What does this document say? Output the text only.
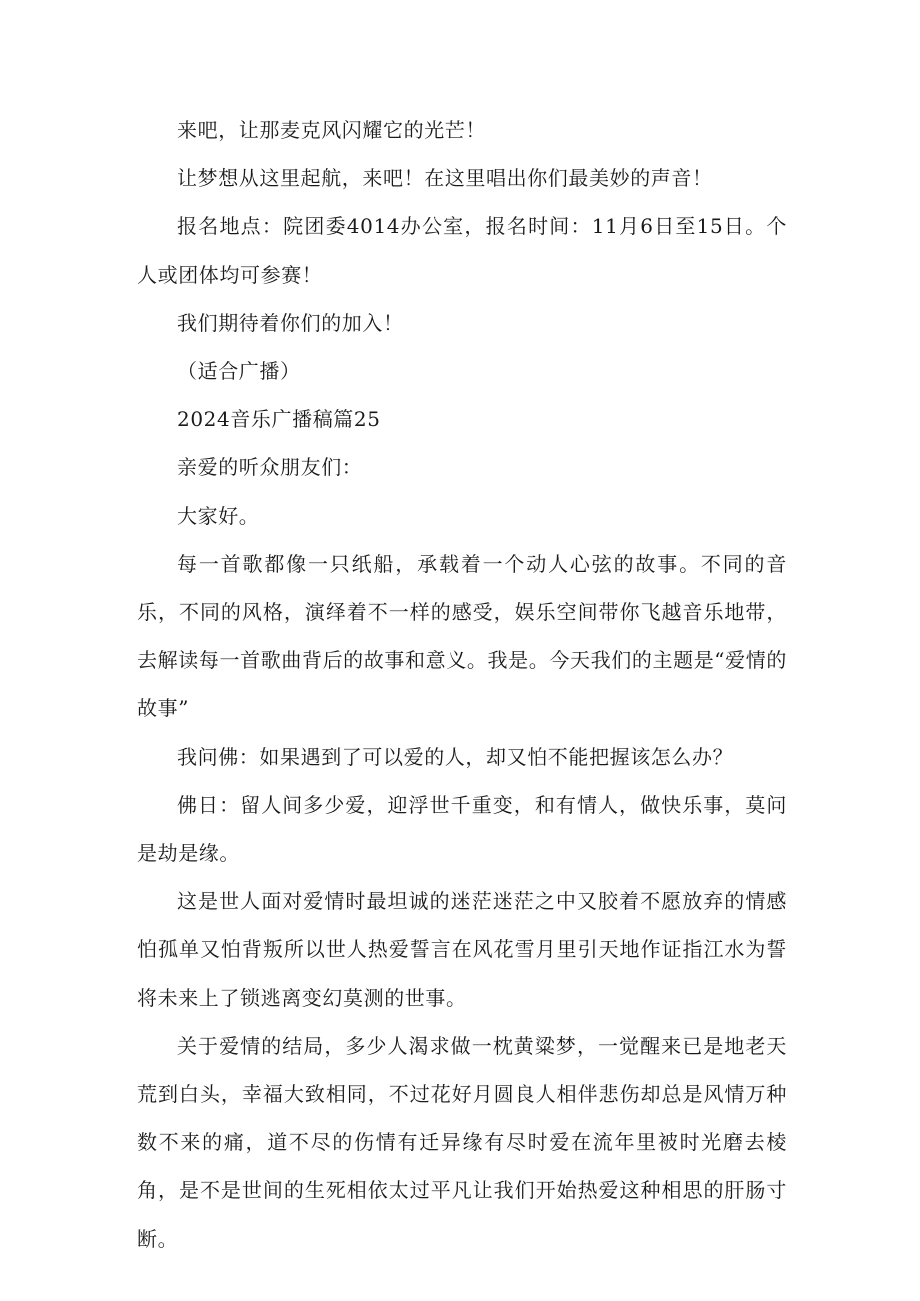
来吧，让那麦克风闪耀它的光芒！

让梦想从这里起航，来吧！在这里唱出你们最美妙的声音！

报名地点：院团委4014办公室，报名时间：11月6日至15日。个人或团体均可参赛！

我们期待着你们的加入！

（适合广播）

2024音乐广播稿篇25

亲爱的听众朋友们：

大家好。

每一首歌都像一只纸船，承载着一个动人心弦的故事。不同的音乐，不同的风格，演绎着不一样的感受，娱乐空间带你飞越音乐地带，去解读每一首歌曲背后的故事和意义。我是。今天我们的主题是“爱情的故事”

我问佛：如果遇到了可以爱的人，却又怕不能把握该怎么办？

佛日：留人间多少爱，迎浮世千重变，和有情人，做快乐事，莫问是劫是缘。

这是世人面对爱情时最坦诚的迷茫迷茫之中又胶着不愿放弃的情感怕孤单又怕背叛所以世人热爱誓言在风花雪月里引天地作证指江水为誓将未来上了锁逃离变幻莫测的世事。

关于爱情的结局，多少人渴求做一枕黄粱梦，一觉醒来已是地老天荒到白头，幸福大致相同，不过花好月圆良人相伴悲伤却总是风情万种数不来的痛，道不尽的伤情有迁异缘有尽时爱在流年里被时光磨去棱角，是不是世间的生死相依太过平凡让我们开始热爱这种相思的肝肠寸断。
